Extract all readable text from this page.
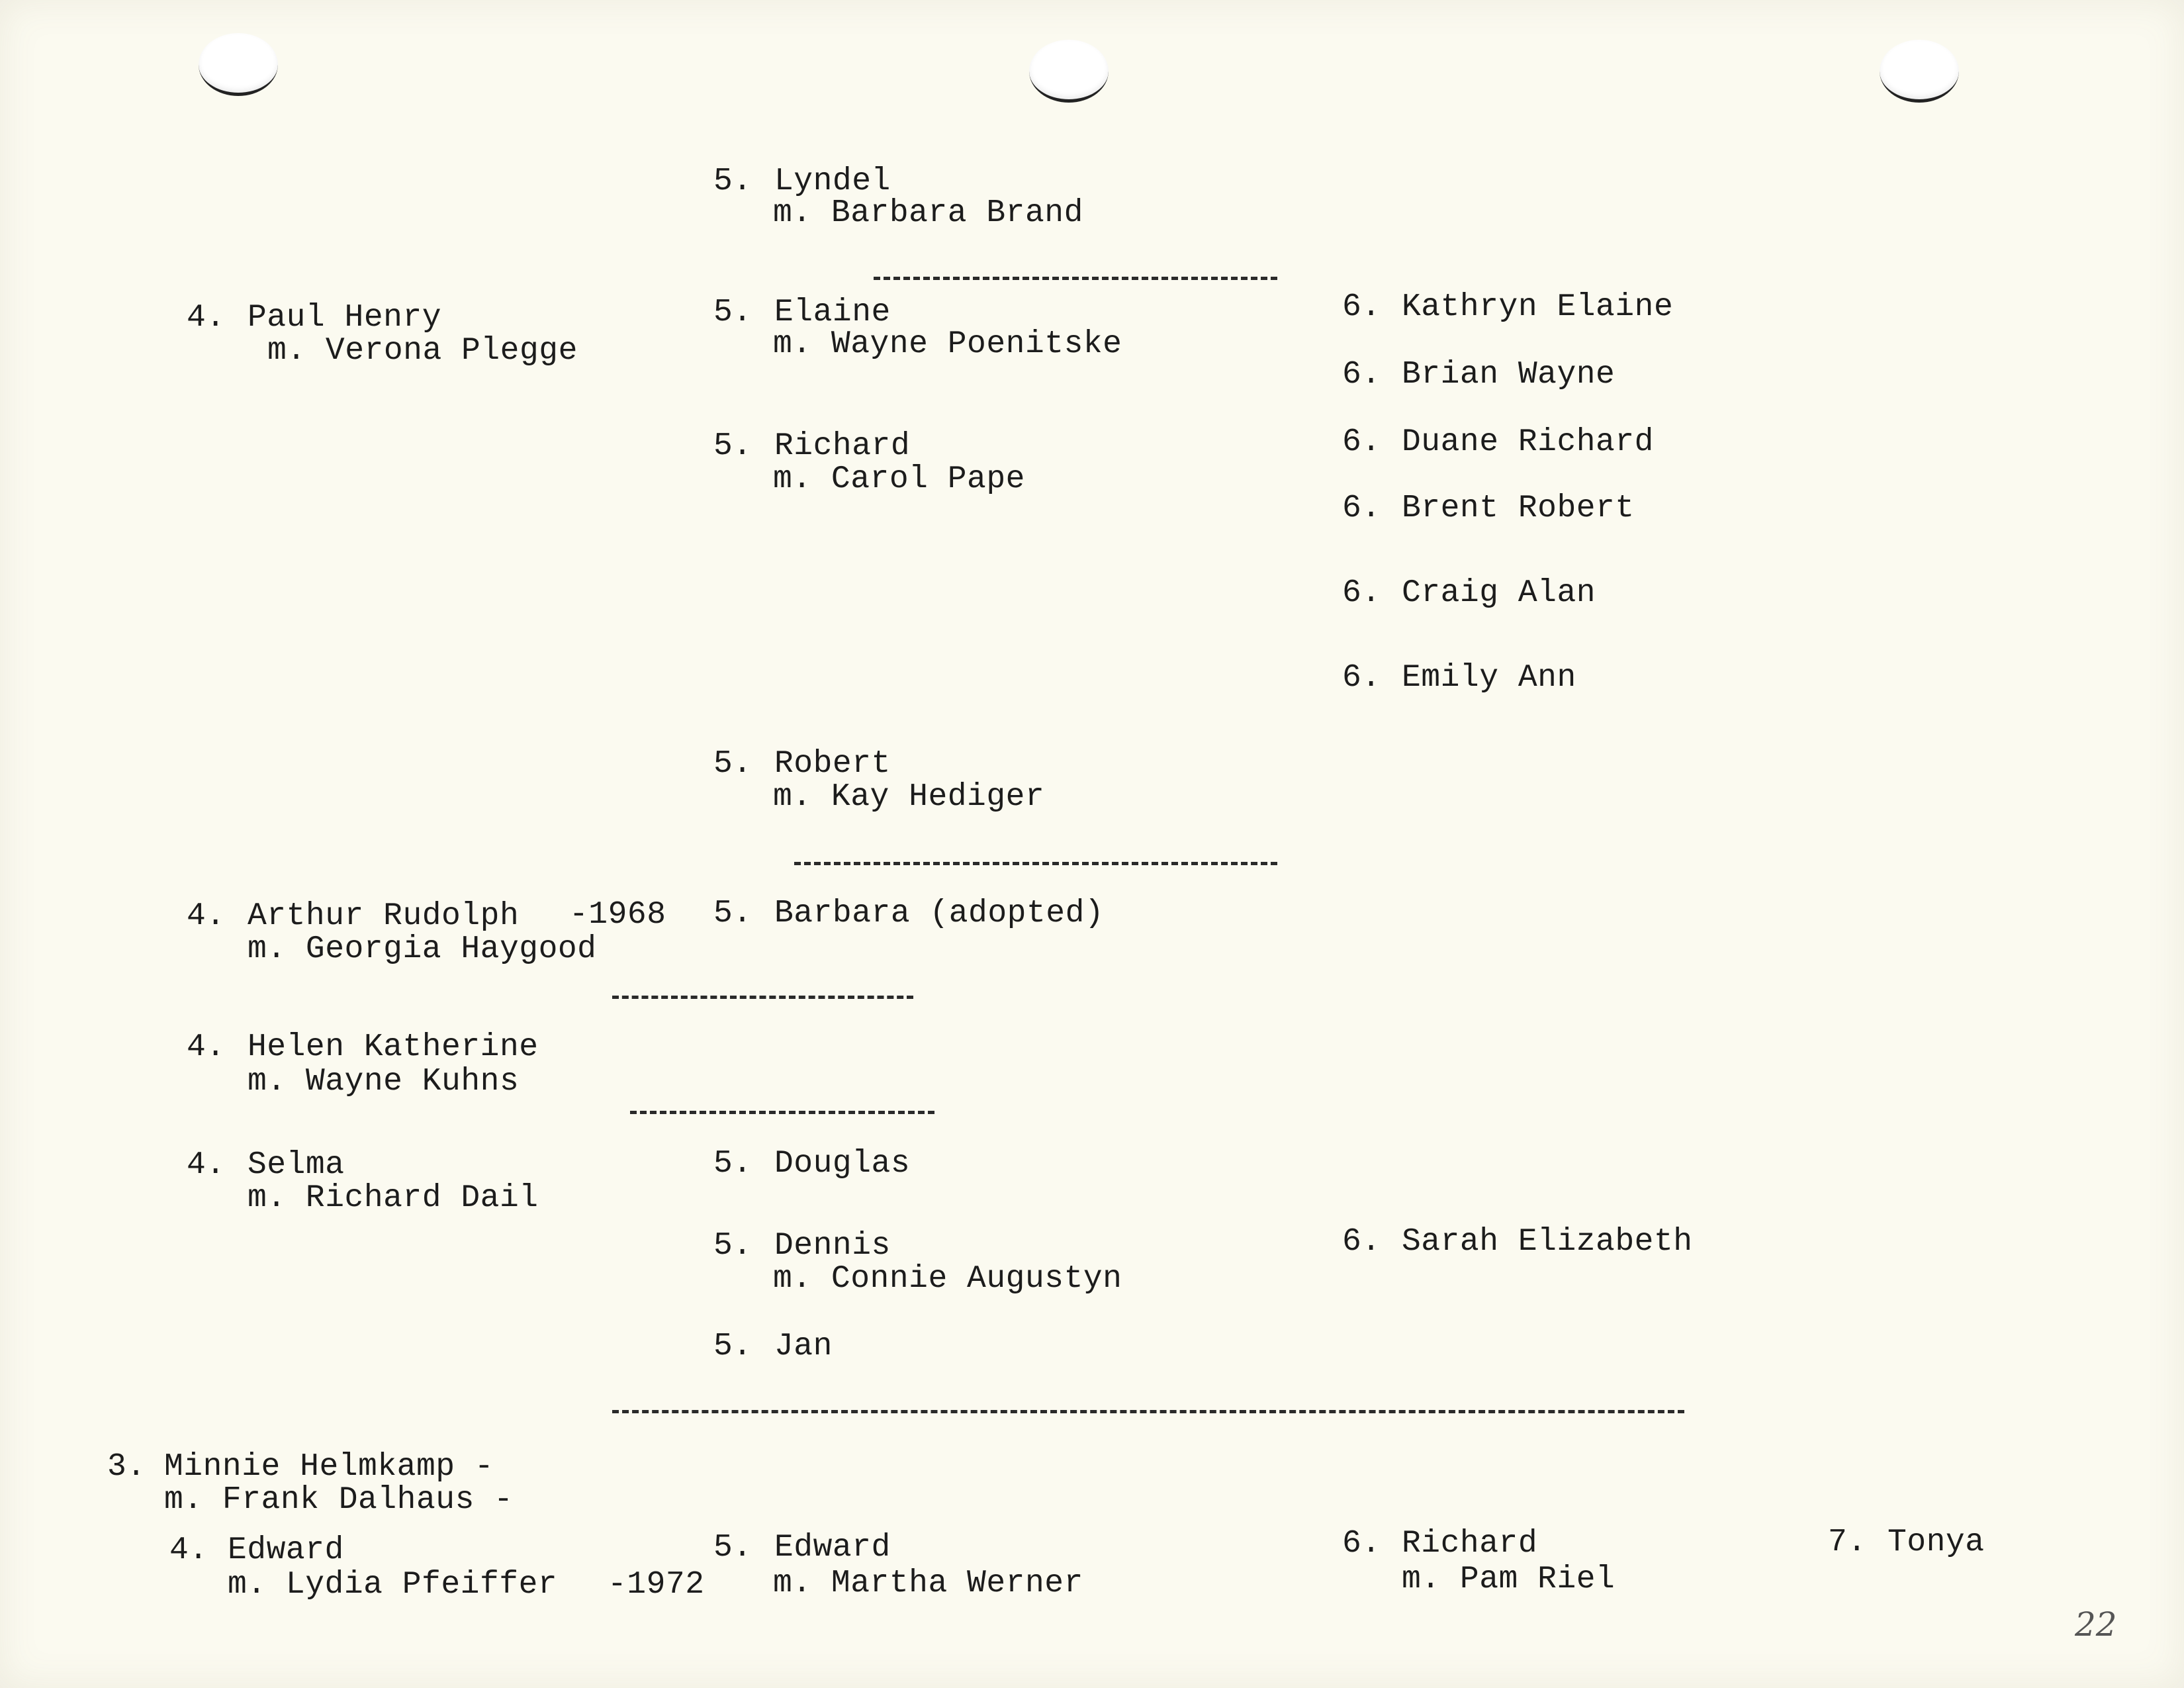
5. Lyndel
m. Barbara Brand
4. Paul Henry
m. Verona Plegge
5. Elaine
m. Wayne Poenitske
6. Kathryn Elaine
6. Brian Wayne
5. Richard
m. Carol Pape
6. Duane Richard
6. Brent Robert
6. Craig Alan
6. Emily Ann
5. Robert
m. Kay Hediger
4. Arthur Rudolph -1968
m. Georgia Haygood
5. Barbara (adopted)
4. Helen Katherine
m. Wayne Kuhns
4. Selma
m. Richard Dail
5. Douglas
5. Dennis
m. Connie Augustyn
6. Sarah Elizabeth
5. Jan
3. Minnie Helmkamp -
m. Frank Dalhaus -
4. Edward
m. Lydia Pfeiffer -1972
5. Edward
m. Martha Werner
6. Richard
m. Pam Riel
7. Tonya
22
